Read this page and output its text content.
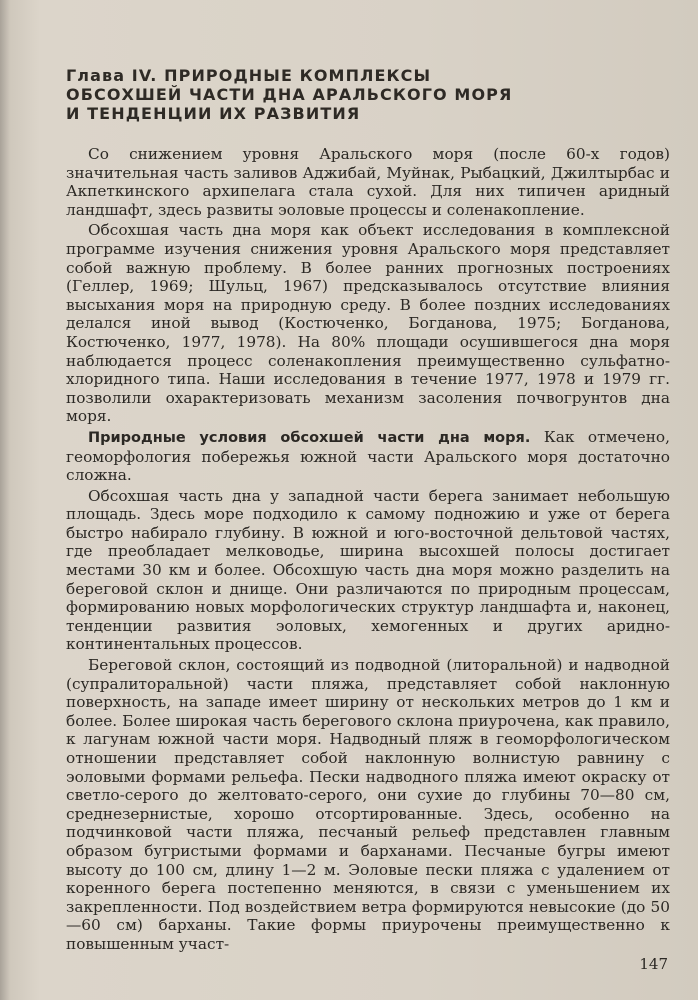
Глава IV. ПРИРОДНЫЕ КОМПЛЕКСЫ
ОБСОХШЕЙ ЧАСТИ ДНА АРАЛЬСКОГО МОРЯ
И ТЕНДЕНЦИИ ИХ РАЗВИТИЯ

Со снижением уровня Аральского моря (после 60-х годов) значительная часть заливов Аджибай, Муйнак, Рыбацкий, Джилтырбас и Акпеткинского архипелага стала сухой. Для них типичен аридный ландшафт, здесь развиты эоловые процессы и соленакопление.

Обсохшая часть дна моря как объект исследования в комплексной программе изучения снижения уровня Аральского моря представляет собой важную проблему. В более ранних прогнозных построениях (Геллер, 1969; Шульц, 1967) предсказывалось отсутствие влияния высыхания моря на природную среду. В более поздних исследованиях делался иной вывод (Костюченко, Богданова, 1975; Богданова, Костюченко, 1977, 1978). На 80% площади осушившегося дна моря наблюдается процесс соленакопления преимущественно сульфатно-хлоридного типа. Наши исследования в течение 1977, 1978 и 1979 гг. позволили охарактеризовать механизм засоления почвогрунтов дна моря.

Природные условия обсохшей части дна моря. Как отмечено, геоморфология побережья южной части Аральского моря достаточно сложна.

Обсохшая часть дна у западной части берега занимает небольшую площадь. Здесь море подходило к самому подножию и уже от берега быстро набирало глубину. В южной и юго-восточной дельтовой частях, где преобладает мелководье, ширина высохшей полосы достигает местами 30 км и более. Обсохшую часть дна моря можно разделить на береговой склон и днище. Они различаются по природным процессам, формированию новых морфологических структур ландшафта и, наконец, тенденции развития эоловых, хемогенных и других аридно-континентальных процессов.

Береговой склон, состоящий из подводной (литоральной) и надводной (супралиторальной) части пляжа, представляет собой наклонную поверхность, на западе имеет ширину от нескольких метров до 1 км и более. Более широкая часть берегового склона приурочена, как правило, к лагунам южной части моря. Надводный пляж в геоморфологическом отношении представляет собой наклонную волнистую равнину с эоловыми формами рельефа. Пески надводного пляжа имеют окраску от светло-серого до желтовато-серого, они сухие до глубины 70—80 см, среднезернистые, хорошо отсортированные. Здесь, особенно на подчинковой части пляжа, песчаный рельеф представлен главным образом бугристыми формами и барханами. Песчаные бугры имеют высоту до 100 см, длину 1—2 м. Эоловые пески пляжа с удалением от коренного берега постепенно меняются, в связи с уменьшением их закрепленности. Под воздействием ветра формируются невысокие (до 50—60 см) барханы. Такие формы приурочены преимущественно к повышенным участ-

147
